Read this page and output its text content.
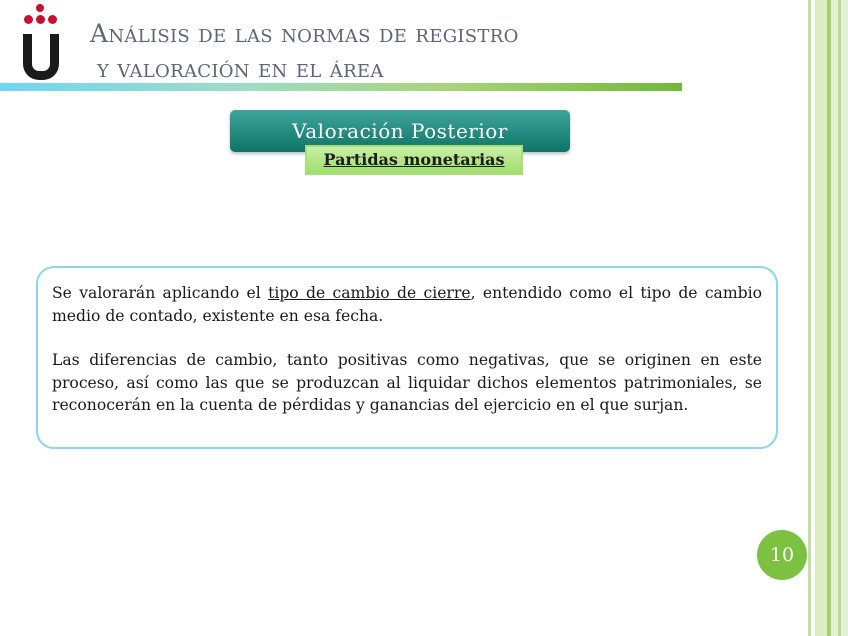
Análisis de las normas de registro
y valoración en el área
Valoración Posterior
Partidas monetarias

Se valorarán aplicando el tipo de cambio de cierre, entendido como el tipo de cambio medio de contado, existente en esa fecha.

Las diferencias de cambio, tanto positivas como negativas, que se originen en este proceso, así como las que se produzcan al liquidar dichos elementos patrimoniales, se reconocerán en la cuenta de pérdidas y ganancias del ejercicio en el que surjan.

10
